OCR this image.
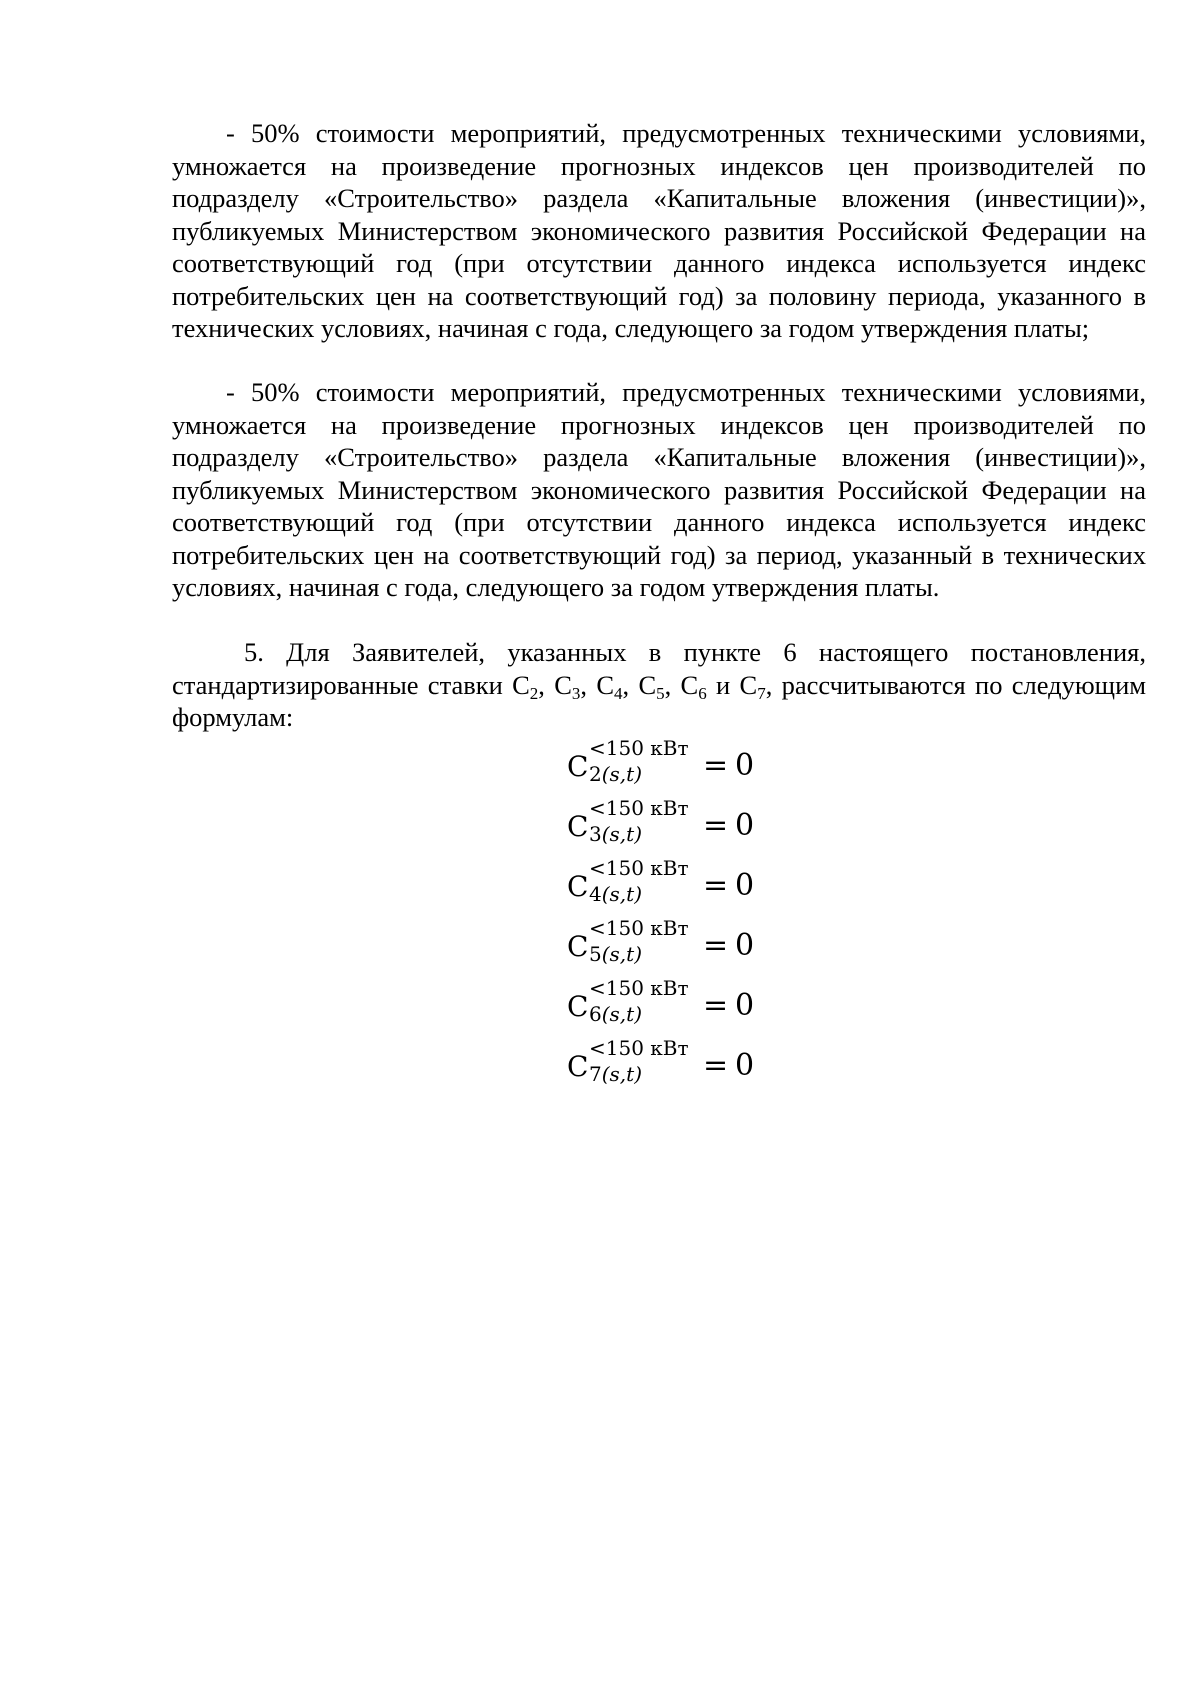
- 50% стоимости мероприятий, предусмотренных техническими условиями, умножается на произведение прогнозных индексов цен производителей по подразделу «Строительство» раздела «Капитальные вложения (инвестиции)», публикуемых Министерством экономического развития Российской Федерации на соответствующий год (при отсутствии данного индекса используется индекс потребительских цен на соответствующий год) за половину периода, указанного в технических условиях, начиная с года, следующего за годом утверждения платы;

- 50% стоимости мероприятий, предусмотренных техническими условиями, умножается на произведение прогнозных индексов цен производителей по подразделу «Строительство» раздела «Капитальные вложения (инвестиции)», публикуемых Министерством экономического развития Российской Федерации на соответствующий год (при отсутствии данного индекса используется индекс потребительских цен на соответствующий год) за период, указанный в технических условиях, начиная с года, следующего за годом утверждения платы.

5. Для Заявителей, указанных в пункте 6 настоящего постановления, стандартизированные ставки $С_2$, $С_3$, $С_4$, $С_5$, $С_6$ и $С_7$, рассчитываются по следующим формулам:

С
<150 кВт
2(s,t) = 0
С
<150 кВт
3(s,t) = 0
С
<150 кВт
4(s,t) = 0
С
<150 кВт
5(s,t) = 0
С
<150 кВт
6(s,t) = 0
С
<150 кВт
7(s,t) = 0
